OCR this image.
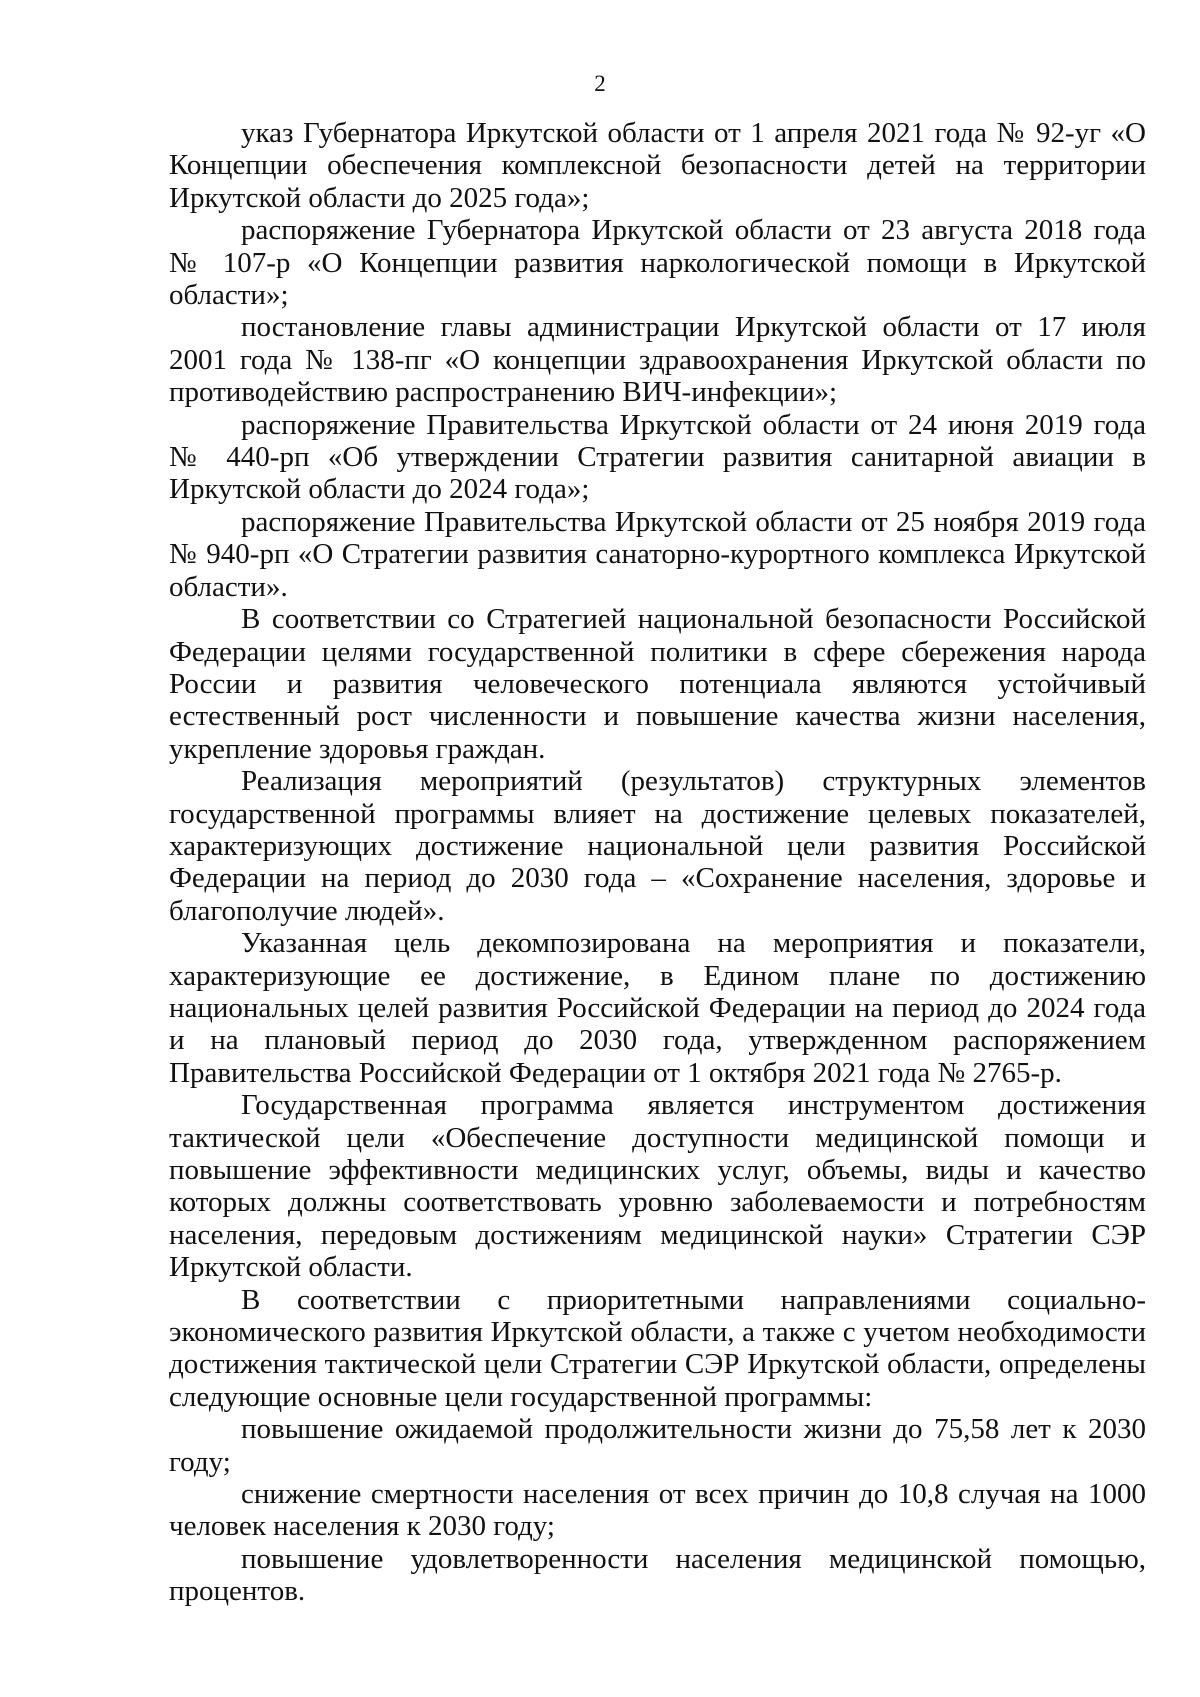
2

указ Губернатора Иркутской области от 1 апреля 2021 года № 92-уг «О Концепции обеспечения комплексной безопасности детей на территории Иркутской области до 2025 года»;

распоряжение Губернатора Иркутской области от 23 августа 2018 года № 107-р «О Концепции развития наркологической помощи в Иркутской области»;

постановление главы администрации Иркутской области от 17 июля 2001 года № 138-пг «О концепции здравоохранения Иркутской области по противодействию распространению ВИЧ-инфекции»;

распоряжение Правительства Иркутской области от 24 июня 2019 года № 440-рп «Об утверждении Стратегии развития санитарной авиации в Иркутской области до 2024 года»;

распоряжение Правительства Иркутской области от 25 ноября 2019 года № 940-рп «О Стратегии развития санаторно-курортного комплекса Иркутской области».

В соответствии со Стратегией национальной безопасности Российской Федерации целями государственной политики в сфере сбережения народа России и развития человеческого потенциала являются устойчивый естественный рост численности и повышение качества жизни населения, укрепление здоровья граждан.

Реализация мероприятий (результатов) структурных элементов государственной программы влияет на достижение целевых показателей, характеризующих достижение национальной цели развития Российской Федерации на период до 2030 года – «Сохранение населения, здоровье и благополучие людей».

Указанная цель декомпозирована на мероприятия и показатели, характеризующие ее достижение, в Едином плане по достижению национальных целей развития Российской Федерации на период до 2024 года и на плановый период до 2030 года, утвержденном распоряжением Правительства Российской Федерации от 1 октября 2021 года № 2765-р.

Государственная программа является инструментом достижения тактической цели «Обеспечение доступности медицинской помощи и повышение эффективности медицинских услуг, объемы, виды и качество которых должны соответствовать уровню заболеваемости и потребностям населения, передовым достижениям медицинской науки» Стратегии СЭР Иркутской области.

В соответствии с приоритетными направлениями социально-экономического развития Иркутской области, а также с учетом необходимости достижения тактической цели Стратегии СЭР Иркутской области, определены следующие основные цели государственной программы:

повышение ожидаемой продолжительности жизни до 75,58 лет к 2030 году;

снижение смертности населения от всех причин до 10,8 случая на 1000 человек населения к 2030 году;

повышение удовлетворенности населения медицинской помощью, процентов.
